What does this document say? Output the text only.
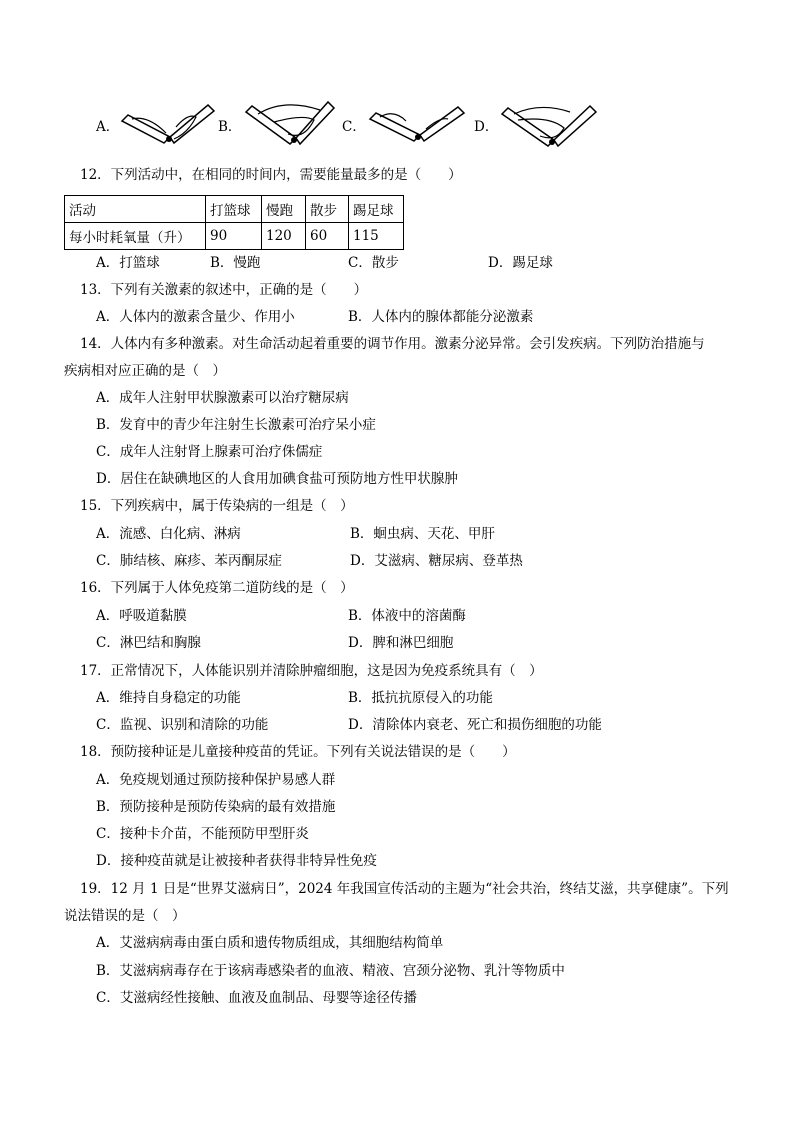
A．	B．	C．	D．
12．下列活动中，在相同的时间内，需要能量最多的是（　　）
活动	打篮球	慢跑	散步	踢足球
每小时耗氧量（升）	90	120	60	115
A．打篮球	B．慢跑	C．散步	D．踢足球
13．下列有关激素的叙述中，正确的是（　　）
A．人体内的激素含量少、作用小	B．人体内的腺体都能分泌激素
14．人体内有多种激素。对生命活动起着重要的调节作用。激素分泌异常。会引发疾病。下列防治措施与
疾病相对应正确的是（　）
A．成年人注射甲状腺激素可以治疗糖尿病
B．发育中的青少年注射生长激素可治疗呆小症
C．成年人注射肾上腺素可治疗侏儒症
D．居住在缺碘地区的人食用加碘食盐可预防地方性甲状腺肿
15．下列疾病中，属于传染病的一组是（　）
A．流感、白化病、淋病	B．蛔虫病、天花、甲肝
C．肺结核、麻疹、苯丙酮尿症	D．艾滋病、糖尿病、登革热
16．下列属于人体免疫第二道防线的是（　）
A．呼吸道黏膜	B．体液中的溶菌酶
C．淋巴结和胸腺	D．脾和淋巴细胞
17．正常情况下，人体能识别并清除肿瘤细胞，这是因为免疫系统具有（　）
A．维持自身稳定的功能	B．抵抗抗原侵入的功能
C．监视、识别和清除的功能	D．清除体内衰老、死亡和损伤细胞的功能
18．预防接种证是儿童接种疫苗的凭证。下列有关说法错误的是（　　）
A．免疫规划通过预防接种保护易感人群
B．预防接种是预防传染病的最有效措施
C．接种卡介苗，不能预防甲型肝炎
D．接种疫苗就是让被接种者获得非特异性免疫
19．12 月 1 日是“世界艾滋病日”，2024 年我国宣传活动的主题为“社会共治，终结艾滋，共享健康”。下列
说法错误的是（　）
A．艾滋病病毒由蛋白质和遗传物质组成，其细胞结构简单
B．艾滋病病毒存在于该病毒感染者的血液、精液、宫颈分泌物、乳汁等物质中
C．艾滋病经性接触、血液及血制品、母婴等途径传播
